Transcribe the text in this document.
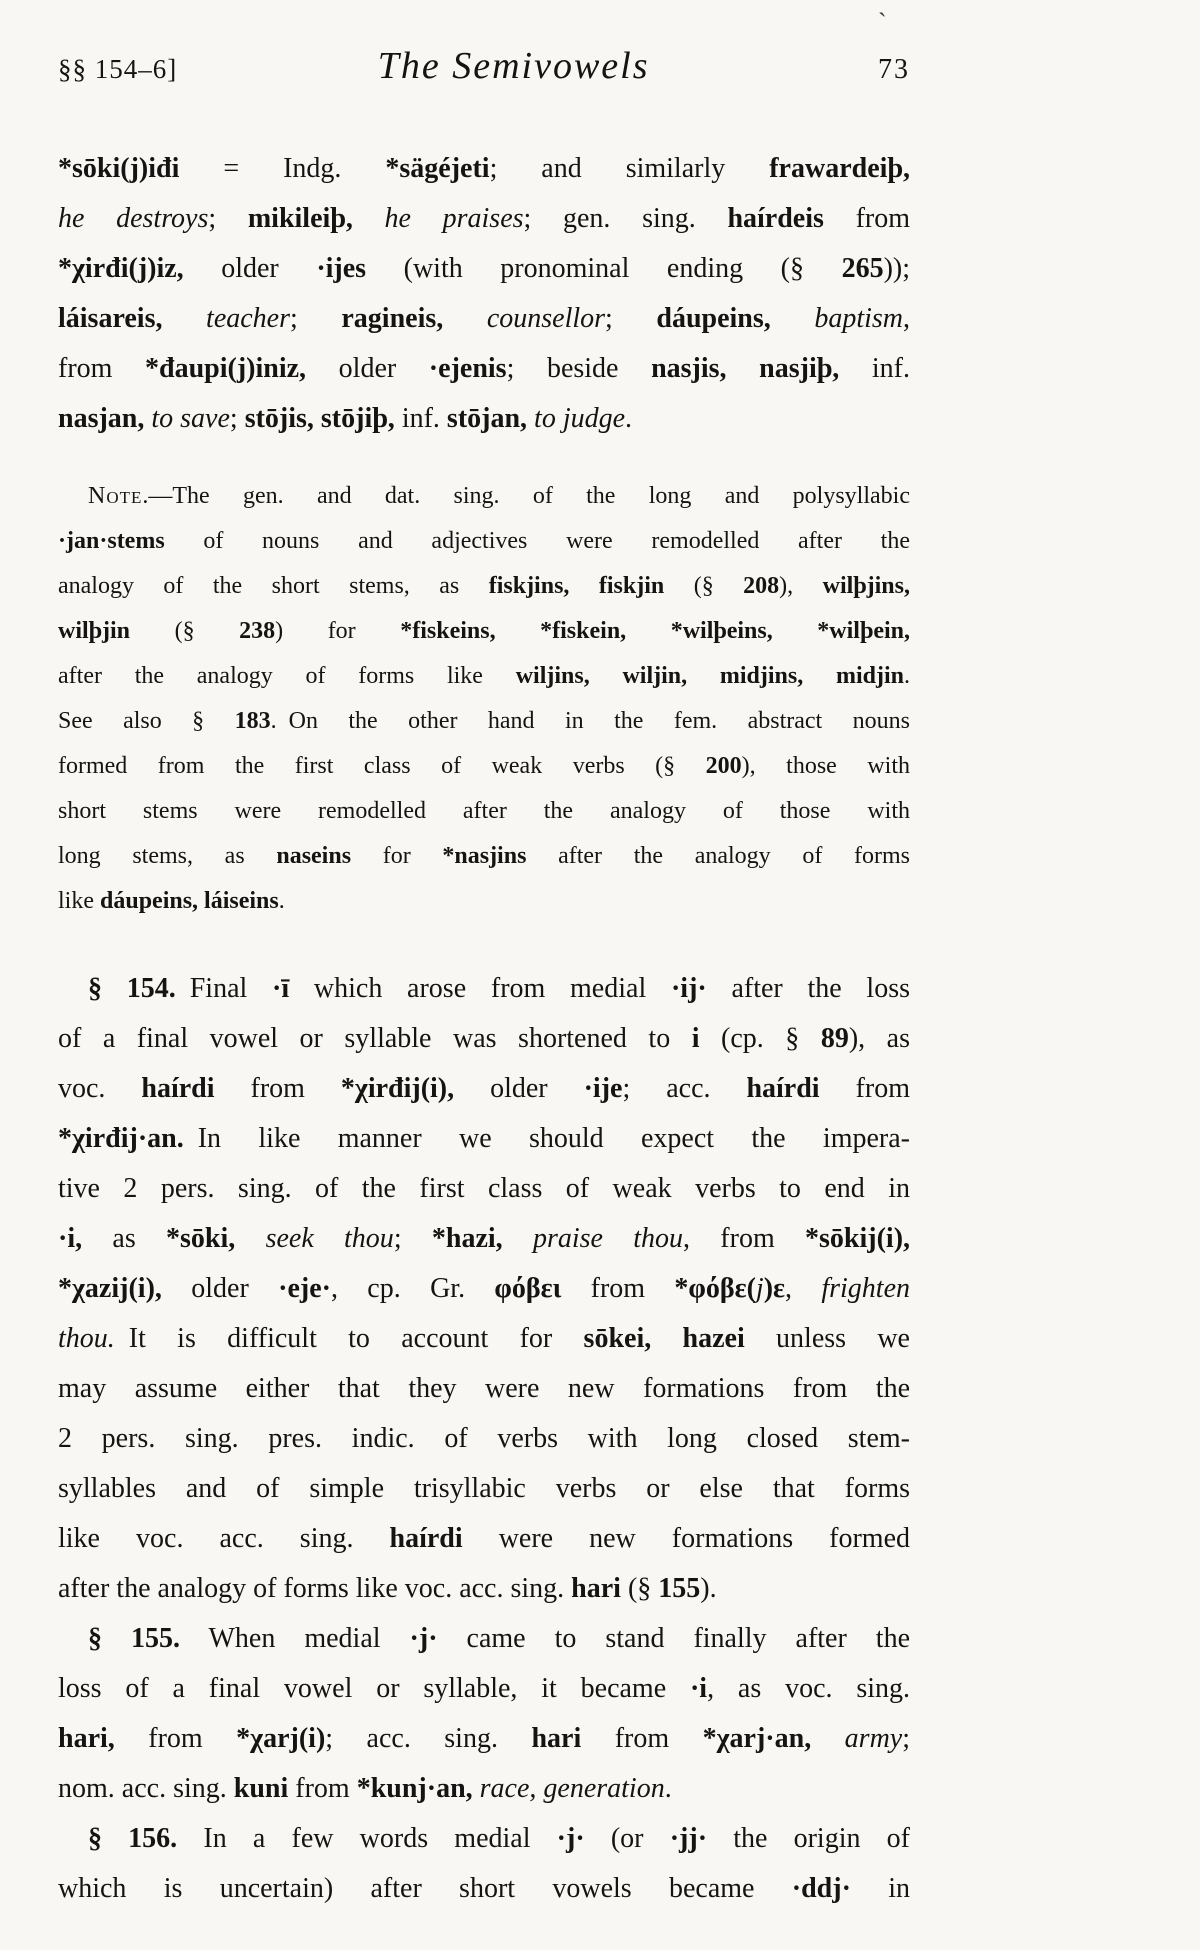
§§ 154–6]	The Semivowels	73
*sōki(j)iđi = Indg. *sägéjeti; and similarly frawardeiþ,
he destroys; mikileiþ, he praises; gen. sing. haírdeis from
*χirđi(j)iz, older ·ijes (with pronominal ending (§ 265));
láisareis, teacher; ragineis, counsellor; dáupeins, baptism,
from *đaupi(j)iniz, older ·ejenis; beside nasjis, nasjiþ, inf.
nasjan, to save; stōjis, stōjiþ, inf. stōjan, to judge.
Note.—The gen. and dat. sing. of the long and polysyllabic
·jan·stems of nouns and adjectives were remodelled after the
analogy of the short stems, as fiskjins, fiskjin (§ 208), wilþjins,
wilþjin (§ 238) for *fiskeins, *fiskein, *wilþeins, *wilþein,
after the analogy of forms like wiljins, wiljin, midjins, midjin.
See also § 183. On the other hand in the fem. abstract nouns
formed from the first class of weak verbs (§ 200), those with
short stems were remodelled after the analogy of those with
long stems, as naseins for *nasjins after the analogy of forms
like dáupeins, láiseins.
§ 154. Final ·ī which arose from medial ·ij· after the loss
of a final vowel or syllable was shortened to i (cp. § 89), as
voc. haírdi from *χirđij(i), older ·ije; acc. haírdi from
*χirđij·an. In like manner we should expect the impera-
tive 2 pers. sing. of the first class of weak verbs to end in
·i, as *sōki, seek thou; *hazi, praise thou, from *sōkij(i),
*χazij(i), older ·eje·, cp. Gr. φόβει from *φόβε(j)ε, frighten
thou. It is difficult to account for sōkei, hazei unless we
may assume either that they were new formations from the
2 pers. sing. pres. indic. of verbs with long closed stem-
syllables and of simple trisyllabic verbs or else that forms
like voc. acc. sing. haírdi were new formations formed
after the analogy of forms like voc. acc. sing. hari (§ 155).
§ 155. When medial ·j· came to stand finally after the
loss of a final vowel or syllable, it became ·i, as voc. sing.
hari, from *χarj(i); acc. sing. hari from *χarj·an, army;
nom. acc. sing. kuni from *kunj·an, race, generation.
§ 156. In a few words medial ·j· (or ·jj· the origin of
which is uncertain) after short vowels became ·ddj· in
ˋ
